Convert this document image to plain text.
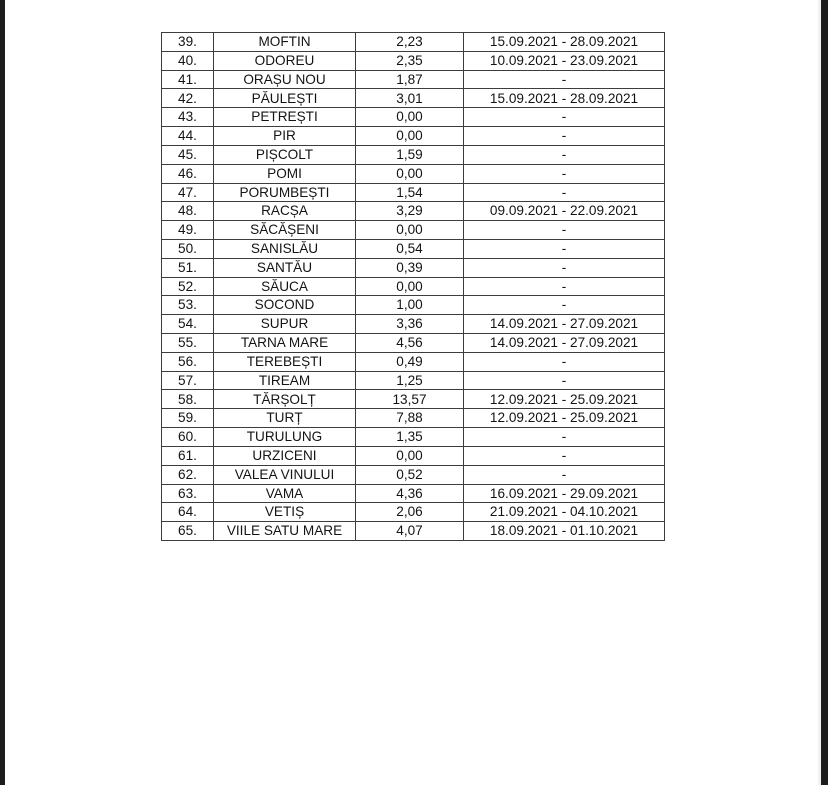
39.	MOFTIN	2,23	15.09.2021 - 28.09.2021
40.	ODOREU	2,35	10.09.2021 - 23.09.2021
41.	ORAȘU NOU	1,87	-
42.	PĂULEȘTI	3,01	15.09.2021 - 28.09.2021
43.	PETREȘTI	0,00	-
44.	PIR	0,00	-
45.	PIȘCOLT	1,59	-
46.	POMI	0,00	-
47.	PORUMBEȘTI	1,54	-
48.	RACȘA	3,29	09.09.2021 - 22.09.2021
49.	SĂCĂȘENI	0,00	-
50.	SANISLĂU	0,54	-
51.	SANTĂU	0,39	-
52.	SĂUCA	0,00	-
53.	SOCOND	1,00	-
54.	SUPUR	3,36	14.09.2021 - 27.09.2021
55.	TARNA MARE	4,56	14.09.2021 - 27.09.2021
56.	TEREBEȘTI	0,49	-
57.	TIREAM	1,25	-
58.	TĂRȘOLȚ	13,57	12.09.2021 - 25.09.2021
59.	TURȚ	7,88	12.09.2021 - 25.09.2021
60.	TURULUNG	1,35	-
61.	URZICENI	0,00	-
62.	VALEA VINULUI	0,52	-
63.	VAMA	4,36	16.09.2021 - 29.09.2021
64.	VETIȘ	2,06	21.09.2021 - 04.10.2021
65.	VIILE SATU MARE	4,07	18.09.2021 - 01.10.2021
